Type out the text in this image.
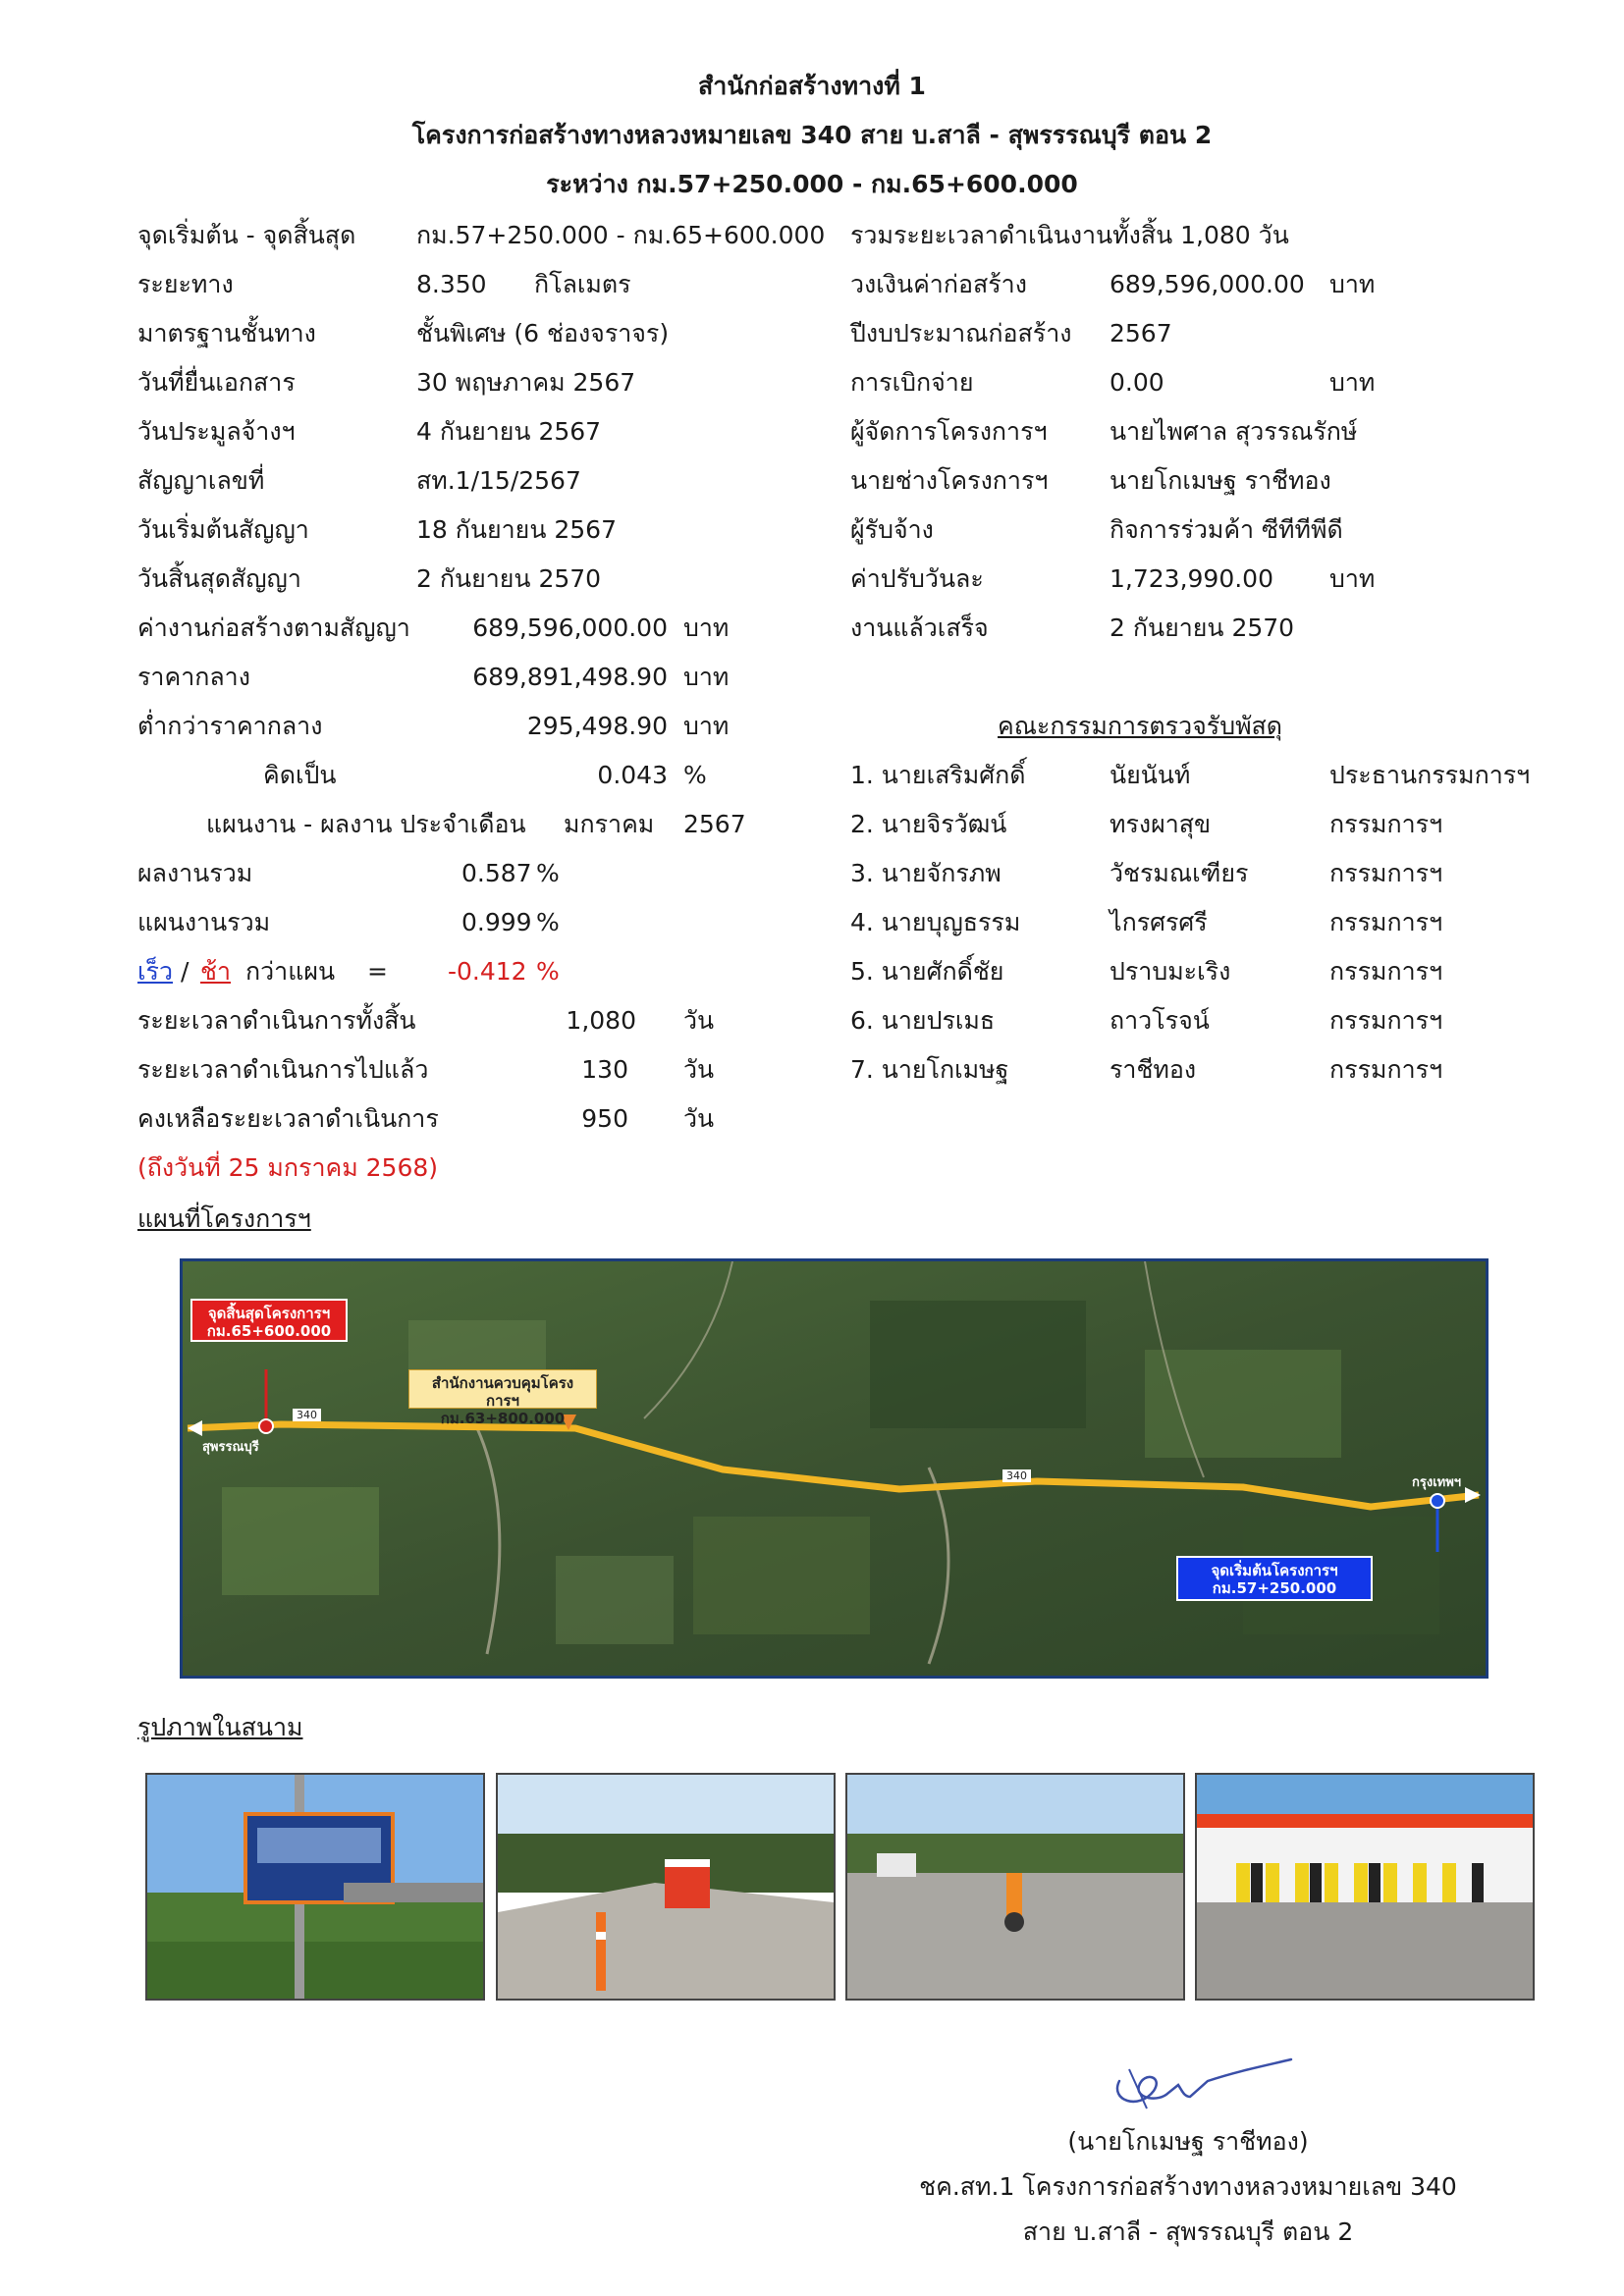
สำนักก่อสร้างทางที่ 1
โครงการก่อสร้างทางหลวงหมายเลข 340 สาย บ.สาลี - สุพรรรณบุรี ตอน 2
ระหว่าง กม.57+250.000 - กม.65+600.000
จุดเริ่มต้น - จุดสิ้นสุด กม.57+250.000 - กม.65+600.000
ระยะทาง	8.350 กิโลเมตร
มาตรฐานชั้นทาง	ชั้นพิเศษ (6 ช่องจราจร)
วันที่ยื่นเอกสาร	30 พฤษภาคม 2567
วันประมูลจ้างฯ	4 กันยายน 2567
สัญญาเลขที่	สท.1/15/2567
วันเริ่มต้นสัญญา	18 กันยายน 2567
วันสิ้นสุดสัญญา	2 กันยายน 2570
ค่างานก่อสร้างตามสัญญา	689,596,000.00 บาท
ราคากลาง	689,891,498.90 บาท
ต่ำกว่าราคากลาง	295,498.90 บาท
คิดเป็น	0.043 %
แผนงาน - ผลงาน ประจำเดือน มกราคม 2567
ผลงานรวม	0.587 %
แผนงานรวม	0.999 %
เร็ว / ช้า กว่าแผน = -0.412 %
ระยะเวลาดำเนินการทั้งสิ้น	1,080 วัน
ระยะเวลาดำเนินการไปแล้ว	130 วัน
คงเหลือระยะเวลาดำเนินการ	950 วัน
(ถึงวันที่ 25 มกราคม 2568)
รวมระยะเวลาดำเนินงานทั้งสิ้น 1,080 วัน
วงเงินค่าก่อสร้าง	689,596,000.00 บาท
ปีงบประมาณก่อสร้าง 2567
การเบิกจ่าย	0.00	บาท
ผู้จัดการโครงการฯ	นายไพศาล สุวรรณรักษ์
นายช่างโครงการฯ	นายโกเมษฐ ราชีทอง
ผู้รับจ้าง	กิจการร่วมค้า ซีทีทีพีดี
ค่าปรับวันละ	1,723,990.00 บาท
งานแล้วเสร็จ	2 กันยายน 2570
คณะกรรมการตรวจรับพัสดุ
1. นายเสริมศักดิ์	นัยนันท์	ประธานกรรมการฯ
2. นายจิรวัฒน์	ทรงผาสุข	กรรมการฯ
3. นายจักรภพ	วัชรมณเฑียร	กรรมการฯ
4. นายบุญธรรม	ไกรศรศรี	กรรมการฯ
5. นายศักดิ์ชัย	ปราบมะเริง	กรรมการฯ
6. นายปรเมธ	ถาวโรจน์	กรรมการฯ
7. นายโกเมษฐ	ราชีทอง	กรรมการฯ
แผนที่โครงการฯ
จุดสิ้นสุดโครงการฯ
กม.65+600.000
สำนักงานควบคุมโครงการฯ
กม.63+800.000
จุดเริ่มต้นโครงการฯ
กม.57+250.000
สุพรรณบุรี
กรุงเทพฯ
340
340
รูปภาพในสนาม
(นายโกเมษฐ ราชีทอง)
ชค.สท.1 โครงการก่อสร้างทางหลวงหมายเลข 340
สาย บ.สาลี - สุพรรณบุรี ตอน 2
